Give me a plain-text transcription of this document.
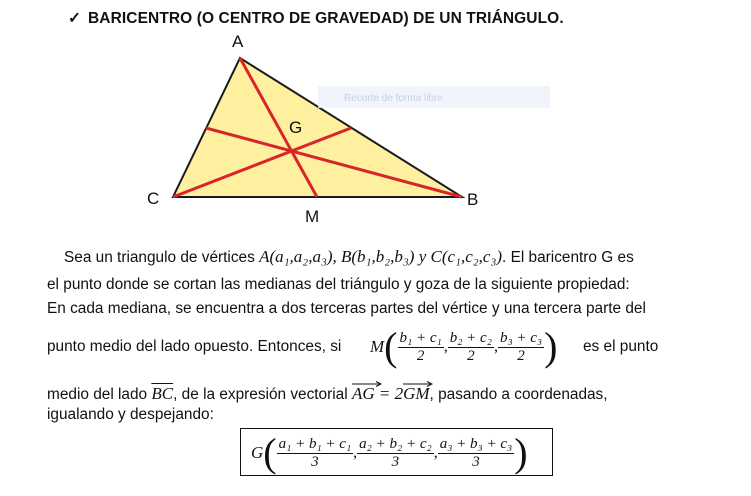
✓ BARICENTRO (O CENTRO DE GRAVEDAD) DE UN TRIÁNGULO.
Recorte de forma libre
A
B
C
G
M
Sea un triangulo de vértices A(a₁,a₂,a₃), B(b₁,b₂,b₃) y C(c₁,c₂,c₃). El baricentro G es
el punto donde se cortan las medianas del triángulo y goza de la siguiente propiedad:
En cada mediana, se encuentra a dos terceras partes del vértice y una tercera parte del
punto medio del lado opuesto. Entonces, si M ( $\frac{\text{b₁ + c₁}}{2}$ , $\frac{\text{b₂ + c₂}}{2}$ , $\frac{\text{b₃ + c₃}}{2}$ ) es el punto
medio del lado $\overline{BC}$, de la expresión vectorial AG
= 2GM
, pasando a coordenadas,
igualando y despejando:
G ( $\frac{\text{a₁ + b₁ + c₁}}{3}$ , $\frac{\text{a₂ + b₂ + c₂}}{3}$ , $\frac{\text{a₃ + b₃ + c₃}}{3}$ )
